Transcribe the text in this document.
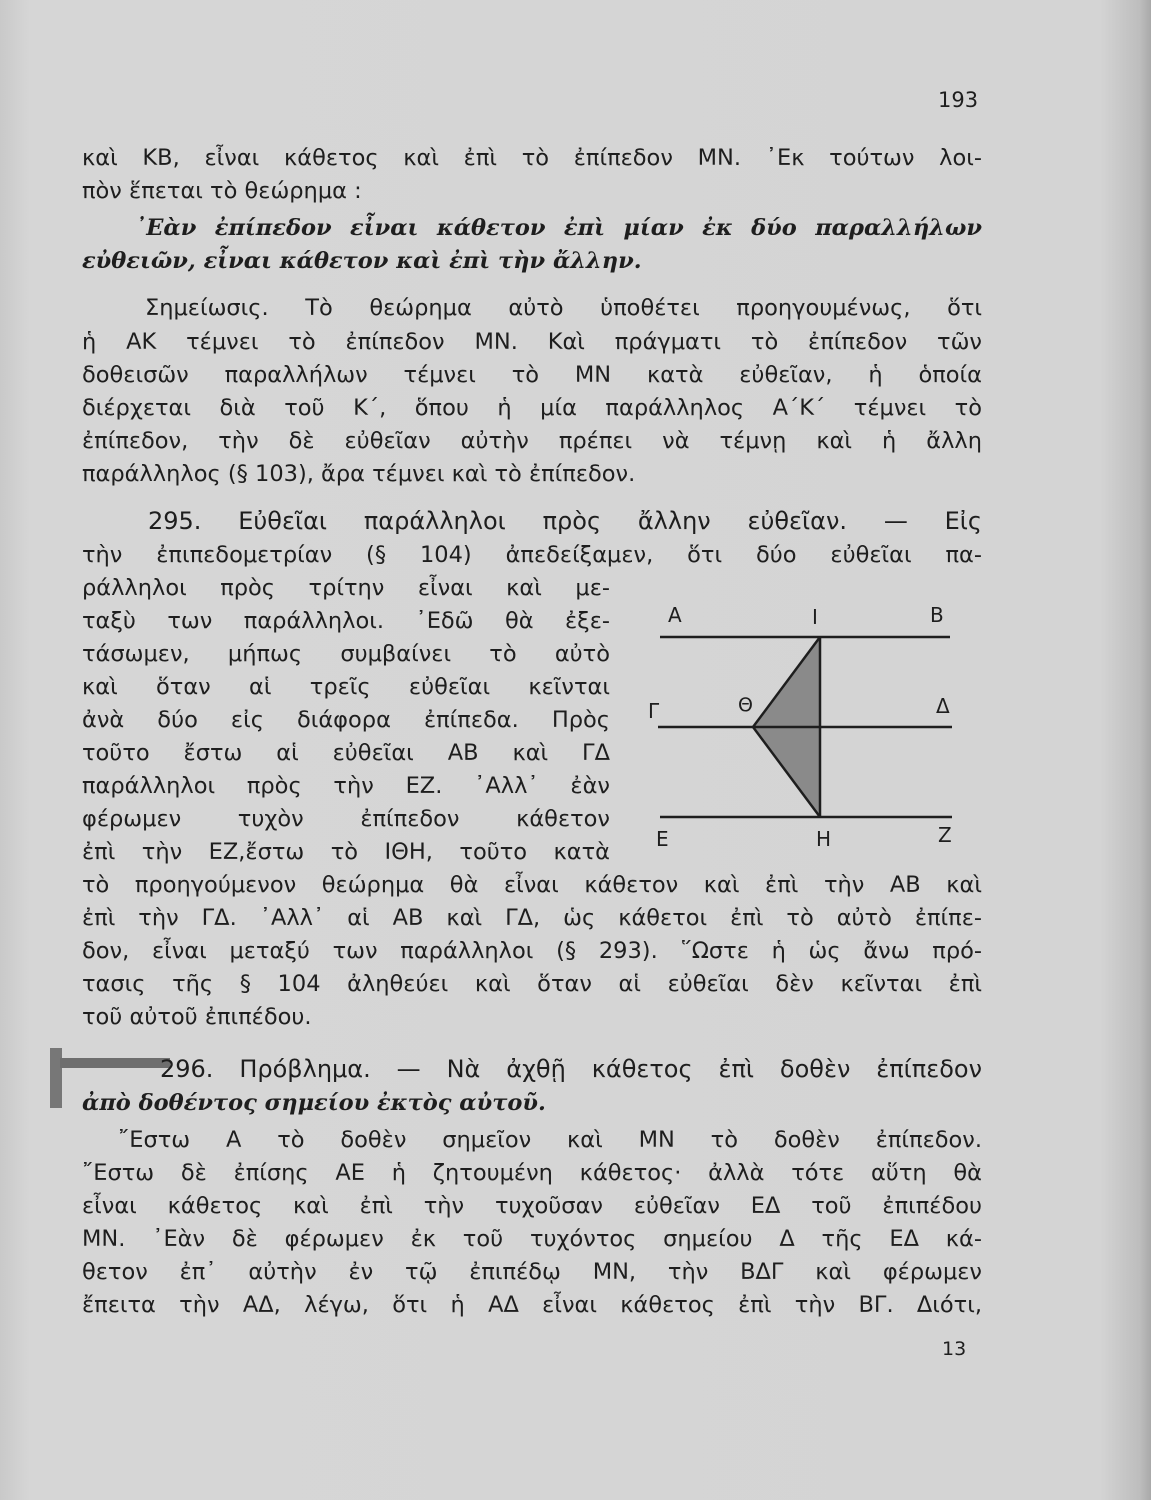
193
καὶ ΚΒ, εἶναι κάθετος καὶ ἐπὶ τὸ ἐπίπεδον ΜΝ. ᾿Εκ τούτων λοι-
πὸν ἕπεται τὸ θεώρημα :
᾿Εὰν ἐπίπεδον εἶναι κάθετον ἐπὶ μίαν ἐκ δύο παραλλήλων
εὐθειῶν, εἶναι κάθετον καὶ ἐπὶ τὴν ἄλλην.
Σημείωσις. Τὸ θεώρημα αὐτὸ ὑποθέτει προηγουμένως, ὅτι
ἡ ΑΚ τέμνει τὸ ἐπίπεδον ΜΝ. Καὶ πράγματι τὸ ἐπίπεδον τῶν
δοθεισῶν παραλλήλων τέμνει τὸ ΜΝ κατὰ εὐθεῖαν, ἡ ὁποία
διέρχεται διὰ τοῦ Κ΄, ὅπου ἡ μία παράλληλος Α΄Κ΄ τέμνει τὸ
ἐπίπεδον, τὴν δὲ εὐθεῖαν αὐτὴν πρέπει νὰ τέμνῃ καὶ ἡ ἄλλη
παράλληλος (§ 103), ἄρα τέμνει καὶ τὸ ἐπίπεδον.
295. Εὐθεῖαι παράλληλοι πρὸς ἄλλην εὐθεῖαν. — Εἰς
τὴν ἐπιπεδομετρίαν (§ 104) ἀπεδείξαμεν, ὅτι δύο εὐθεῖαι πα-
ράλληλοι πρὸς τρίτην εἶναι καὶ με-
ταξὺ των παράλληλοι. ᾿Εδῶ θὰ ἐξε-
τάσωμεν, μήπως συμβαίνει τὸ αὐτὸ
καὶ ὅταν αἱ τρεῖς εὐθεῖαι κεῖνται
ἀνὰ δύο εἰς διάφορα ἐπίπεδα. Πρὸς
τοῦτο ἔστω αἱ εὐθεῖαι ΑΒ καὶ ΓΔ
παράλληλοι πρὸς τὴν ΕΖ. ᾿Αλλ᾿ ἐὰν
φέρωμεν τυχὸν ἐπίπεδον κάθετον
ἐπὶ τὴν ΕΖ,ἔστω τὸ ΙΘΗ, τοῦτο κατὰ
τὸ προηγούμενον θεώρημα θὰ εἶναι κάθετον καὶ ἐπὶ τὴν ΑΒ καὶ
ἐπὶ τὴν ΓΔ. ᾿Αλλ᾿ αἱ ΑΒ καὶ ΓΔ, ὡς κάθετοι ἐπὶ τὸ αὐτὸ ἐπίπε-
δον, εἶναι μεταξύ των παράλληλοι (§ 293). ῞Ωστε ἡ ὡς ἄνω πρό-
τασις τῆς § 104 ἀληθεύει καὶ ὅταν αἱ εὐθεῖαι δὲν κεῖνται ἐπὶ
τοῦ αὐτοῦ ἐπιπέδου.
296. Πρόβλημα. — Νὰ ἀχθῇ κάθετος ἐπὶ δοθὲν ἐπίπεδον
ἀπὸ δοθέντος σημείου ἐκτὸς αὐτοῦ.
῎Εστω Α τὸ δοθὲν σημεῖον καὶ ΜΝ τὸ δοθὲν ἐπίπεδον.
῎Εστω δὲ ἐπίσης ΑΕ ἡ ζητουμένη κάθετος· ἀλλὰ τότε αὕτη θὰ
εἶναι κάθετος καὶ ἐπὶ τὴν τυχοῦσαν εὐθεῖαν ΕΔ τοῦ ἐπιπέδου
ΜΝ. ᾿Εὰν δὲ φέρωμεν ἐκ τοῦ τυχόντος σημείου Δ τῆς ΕΔ κά-
θετον ἐπ᾿ αὐτὴν ἐν τῷ ἐπιπέδῳ ΜΝ, τὴν ΒΔΓ καὶ φέρωμεν
ἔπειτα τὴν ΑΔ, λέγω, ὅτι ἡ ΑΔ εἶναι κάθετος ἐπὶ τὴν ΒΓ. Διότι,
13
Α	Ι	Β
Θ
Γ	Δ
Ε	Η	Ζ
